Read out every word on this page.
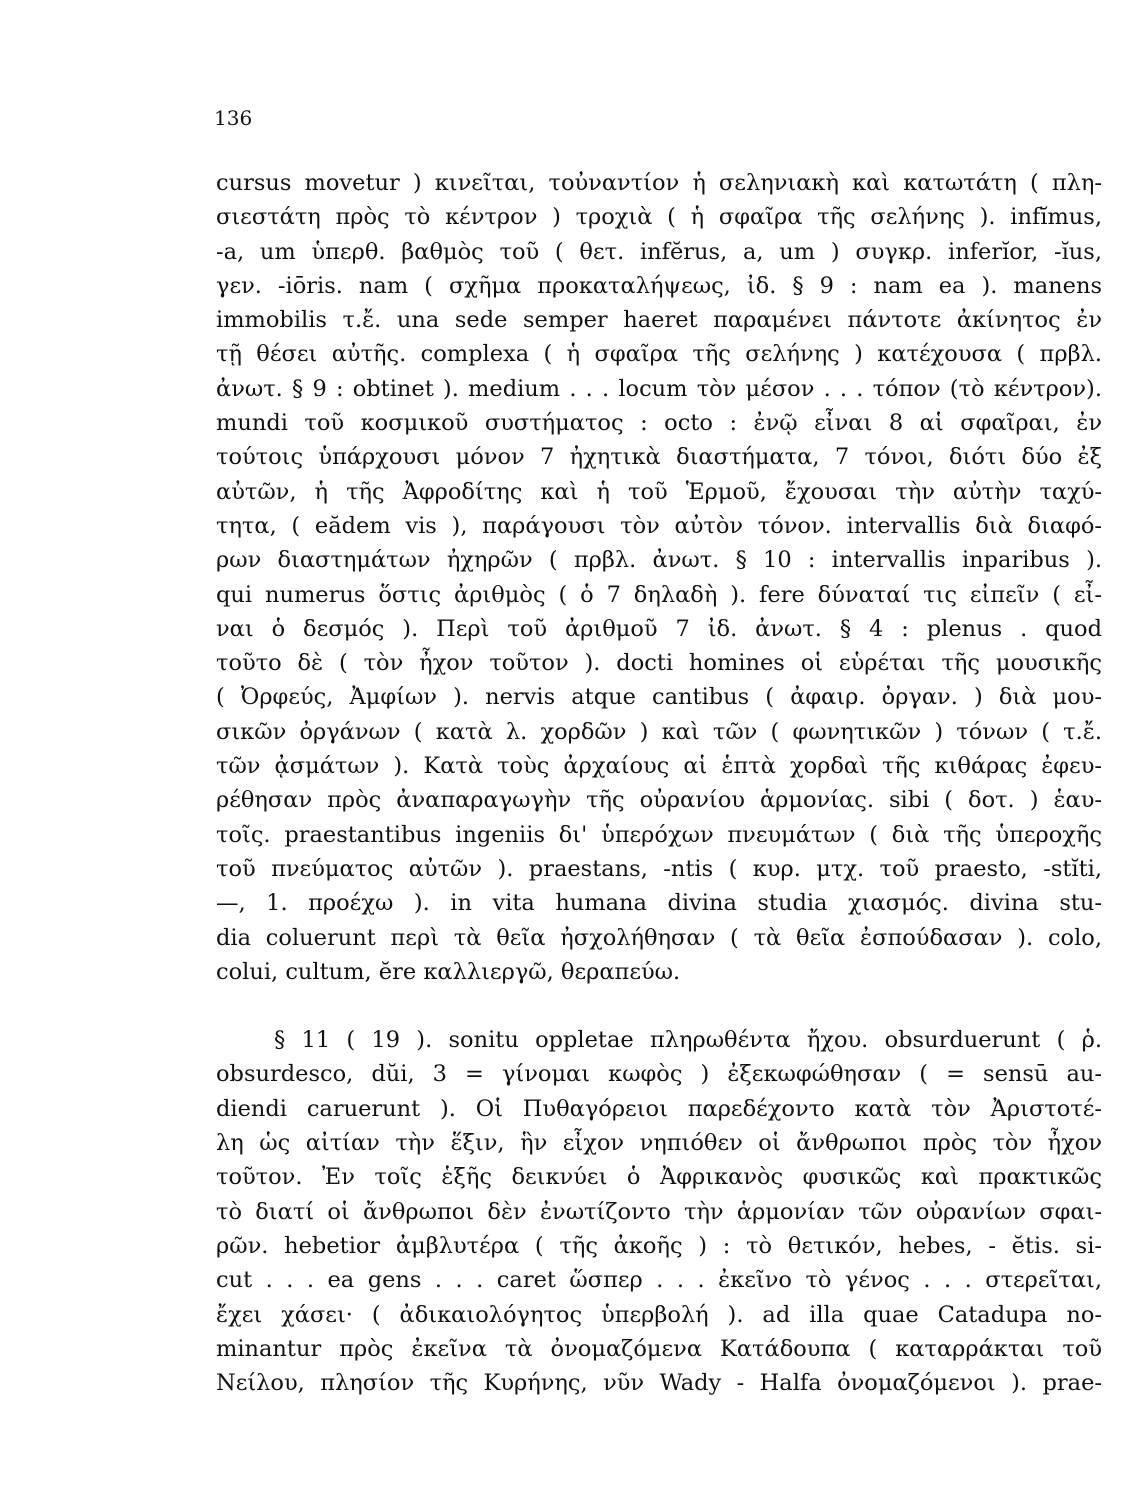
136
cursus movetur ) κινεῖται, τοὐναντίον ἡ σεληνιακὴ καὶ κατωτάτη ( πλη-
σιεστάτη πρὸς τὸ κέντρον ) τροχιὰ ( ἡ σφαῖρα τῆς σελήνης ). infĭmus,
-a, um ὑπερθ. βαθμὸς τοῦ ( θετ. infĕrus, a, um ) συγκρ. inferĭor, -ĭus,
γεν. -iōris. nam ( σχῆμα προκαταλήψεως, ἰδ. § 9 : nam ea ). manens
immobilis τ.ἔ. una sede semper haeret παραμένει πάντοτε ἀκίνητος ἐν
τῇ θέσει αὐτῆς. complexa ( ἡ σφαῖρα τῆς σελήνης ) κατέχουσα ( πρβλ.
ἀνωτ. § 9 : obtinet ). medium . . . locum τὸν μέσον . . . τόπον (τὸ κέντρον).
mundi τοῦ κοσμικοῦ συστήματος : octo : ἐνῷ εἶναι 8 αἱ σφαῖραι, ἐν
τούτοις ὑπάρχουσι μόνον 7 ἠχητικὰ διαστήματα, 7 τόνοι, διότι δύο ἐξ
αὐτῶν, ἡ τῆς Ἀφροδίτης καὶ ἡ τοῦ Ἑρμοῦ, ἔχουσαι τὴν αὐτὴν ταχύ-
τητα, ( eădem vis ), παράγουσι τὸν αὐτὸν τόνον. intervallis διὰ διαφό-
ρων διαστημάτων ἠχηρῶν ( πρβλ. ἀνωτ. § 10 : intervallis inparibus ).
qui numerus ὅστις ἀριθμὸς ( ὁ 7 δηλαδὴ ). fere δύναταί τις εἰπεῖν ( εἶ-
ναι ὁ δεσμός ). Περὶ τοῦ ἀριθμοῦ 7 ἰδ. ἀνωτ. § 4 : plenus . quod
τοῦτο δὲ ( τὸν ἦχον τοῦτον ). docti homines οἱ εὑρέται τῆς μουσικῆς
( Ὀρφεύς, Ἀμφίων ). nervis atque cantibus ( ἀφαιρ. ὀργαν. ) διὰ μου-
σικῶν ὀργάνων ( κατὰ λ. χορδῶν ) καὶ τῶν ( φωνητικῶν ) τόνων ( τ.ἔ.
τῶν ᾀσμάτων ). Κατὰ τοὺς ἀρχαίους αἱ ἑπτὰ χορδαὶ τῆς κιθάρας ἐφευ-
ρέθησαν πρὸς ἀναπαραγωγὴν τῆς οὐρανίου ἁρμονίας. sibi ( δοτ. ) ἑαυ-
τοῖς. praestantibus ingeniis δι' ὑπερόχων πνευμάτων ( διὰ τῆς ὑπεροχῆς
τοῦ πνεύματος αὐτῶν ). praestans, -ntis ( κυρ. μτχ. τοῦ praesto, -stĭti,
—, 1. προέχω ). in vita humana divina studia χιασμός. divina stu-
dia coluerunt περὶ τὰ θεῖα ἠσχολήθησαν ( τὰ θεῖα ἐσπούδασαν ). colo,
colui, cultum, ĕre καλλιεργῶ, θεραπεύω.
§ 11 ( 19 ). sonitu oppletae πληρωθέντα ἤχου. obsurduerunt ( ῥ.
obsurdesco, dŭi, 3 = γίνομαι κωφὸς ) ἐξεκωφώθησαν ( = sensū au-
diendi caruerunt ). Οἱ Πυθαγόρειοι παρεδέχοντο κατὰ τὸν Ἀριστοτέ-
λη ὡς αἰτίαν τὴν ἕξιν, ἣν εἶχον νηπιόθεν οἱ ἄνθρωποι πρὸς τὸν ἦχον
τοῦτον. Ἐν τοῖς ἑξῆς δεικνύει ὁ Ἀφρικανὸς φυσικῶς καὶ πρακτικῶς
τὸ διατί οἱ ἄνθρωποι δὲν ἐνωτίζοντο τὴν ἁρμονίαν τῶν οὐρανίων σφαι-
ρῶν. hebetior ἀμβλυτέρα ( τῆς ἀκοῆς ) : τὸ θετικόν, hebes, - ĕtis. si-
cut . . . ea gens . . . caret ὥσπερ . . . ἐκεῖνο τὸ γένος . . . στερεῖται,
ἔχει χάσει· ( ἀδικαιολόγητος ὑπερβολή ). ad illa quae Catadupa no-
minantur πρὸς ἐκεῖνα τὰ ὀνομαζόμενα Κατάδουπα ( καταρράκται τοῦ
Νείλου, πλησίον τῆς Κυρήνης, νῦν Wady - Halfa ὀνομαζόμενοι ). prae-
